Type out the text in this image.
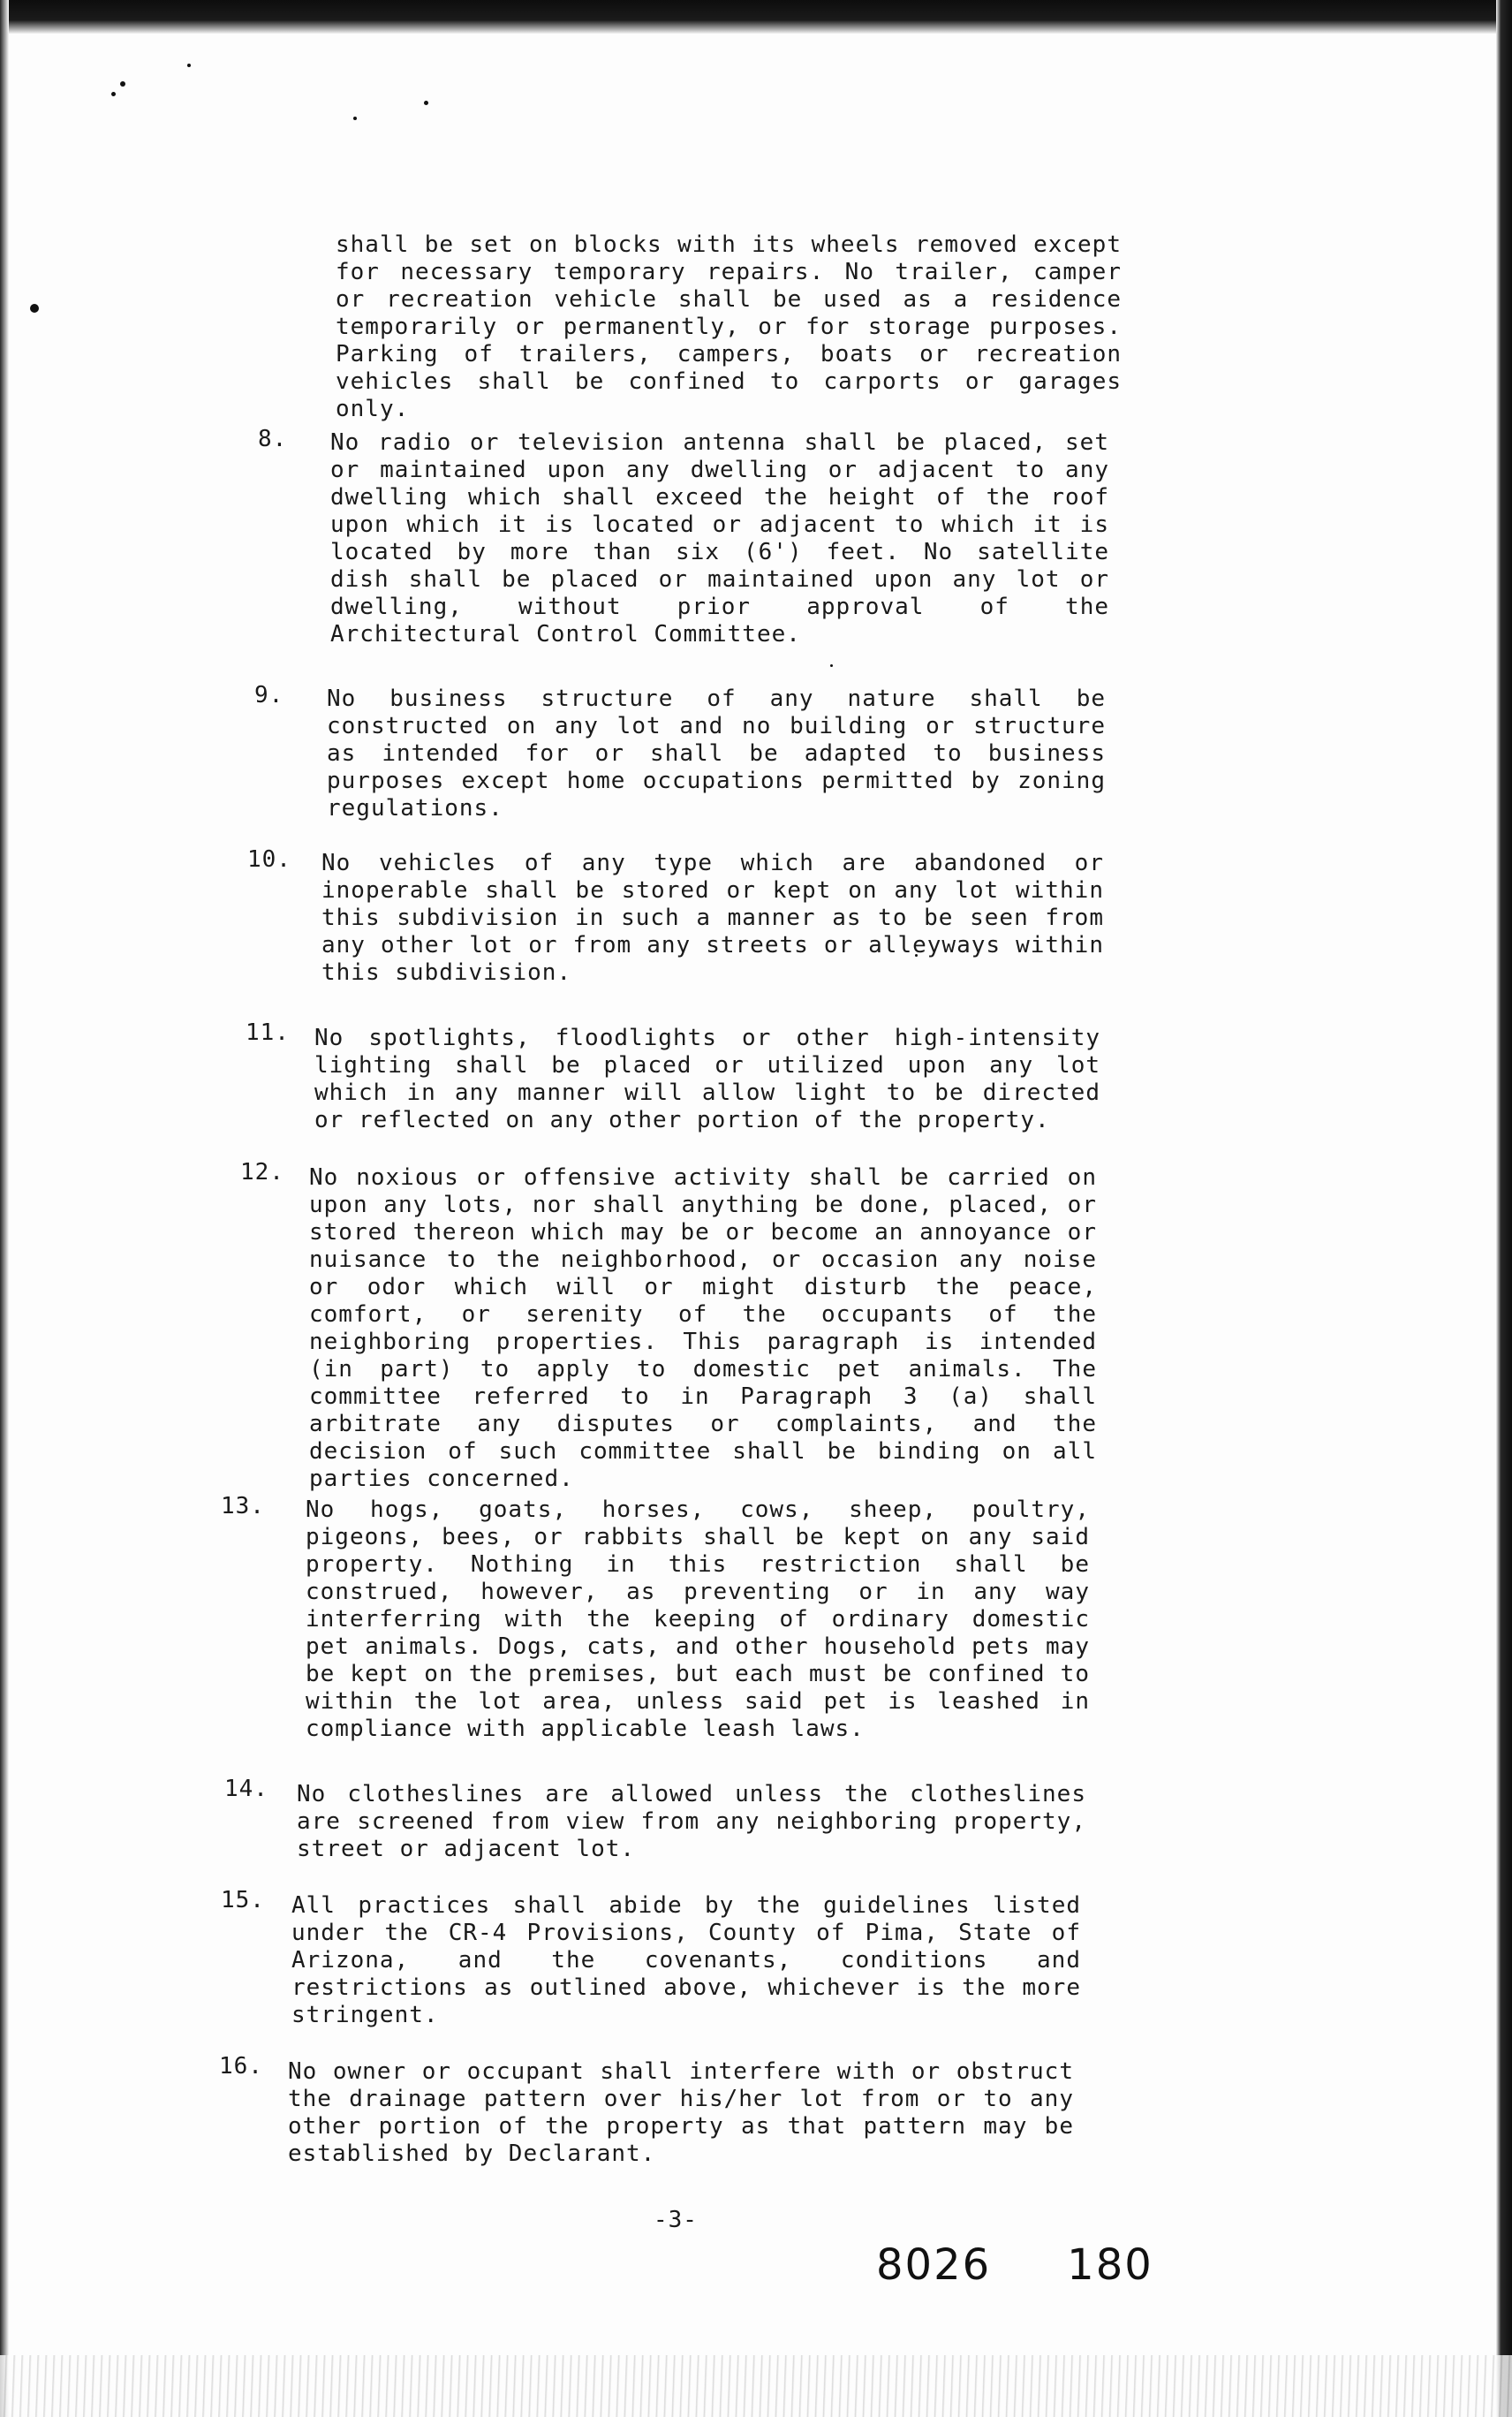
shall be set on blocks with its wheels removed except for necessary temporary repairs. No trailer, camper or recreation vehicle shall be used as a residence temporarily or permanently, or for storage purposes. Parking of trailers, campers, boats or recreation vehicles shall be confined to carports or garages only.
8. No radio or television antenna shall be placed, set or maintained upon any dwelling or adjacent to any dwelling which shall exceed the height of the roof upon which it is located or adjacent to which it is located by more than six (6') feet. No satellite dish shall be placed or maintained upon any lot or dwelling, without prior approval of the Architectural Control Committee.
9. No business structure of any nature shall be constructed on any lot and no building or structure as intended for or shall be adapted to business purposes except home occupations permitted by zoning regulations.
10. No vehicles of any type which are abandoned or inoperable shall be stored or kept on any lot within this subdivision in such a manner as to be seen from any other lot or from any streets or alleyways within this subdivision.
11. No spotlights, floodlights or other high-intensity lighting shall be placed or utilized upon any lot which in any manner will allow light to be directed or reflected on any other portion of the property.
12. No noxious or offensive activity shall be carried on upon any lots, nor shall anything be done, placed, or stored thereon which may be or become an annoyance or nuisance to the neighborhood, or occasion any noise or odor which will or might disturb the peace, comfort, or serenity of the occupants of the neighboring properties. This paragraph is intended (in part) to apply to domestic pet animals. The committee referred to in Paragraph 3 (a) shall arbitrate any disputes or complaints, and the decision of such committee shall be binding on all parties concerned.
13. No hogs, goats, horses, cows, sheep, poultry, pigeons, bees, or rabbits shall be kept on any said property. Nothing in this restriction shall be construed, however, as preventing or in any way interferring with the keeping of ordinary domestic pet animals. Dogs, cats, and other household pets may be kept on the premises, but each must be confined to within the lot area, unless said pet is leashed in compliance with applicable leash laws.
14. No clotheslines are allowed unless the clotheslines are screened from view from any neighboring property, street or adjacent lot.
15. All practices shall abide by the guidelines listed under the CR-4 Provisions, County of Pima, State of Arizona, and the covenants, conditions and restrictions as outlined above, whichever is the more stringent.
16. No owner or occupant shall interfere with or obstruct the drainage pattern over his/her lot from or to any other portion of the property as that pattern may be established by Declarant.
-3-
8026 180
